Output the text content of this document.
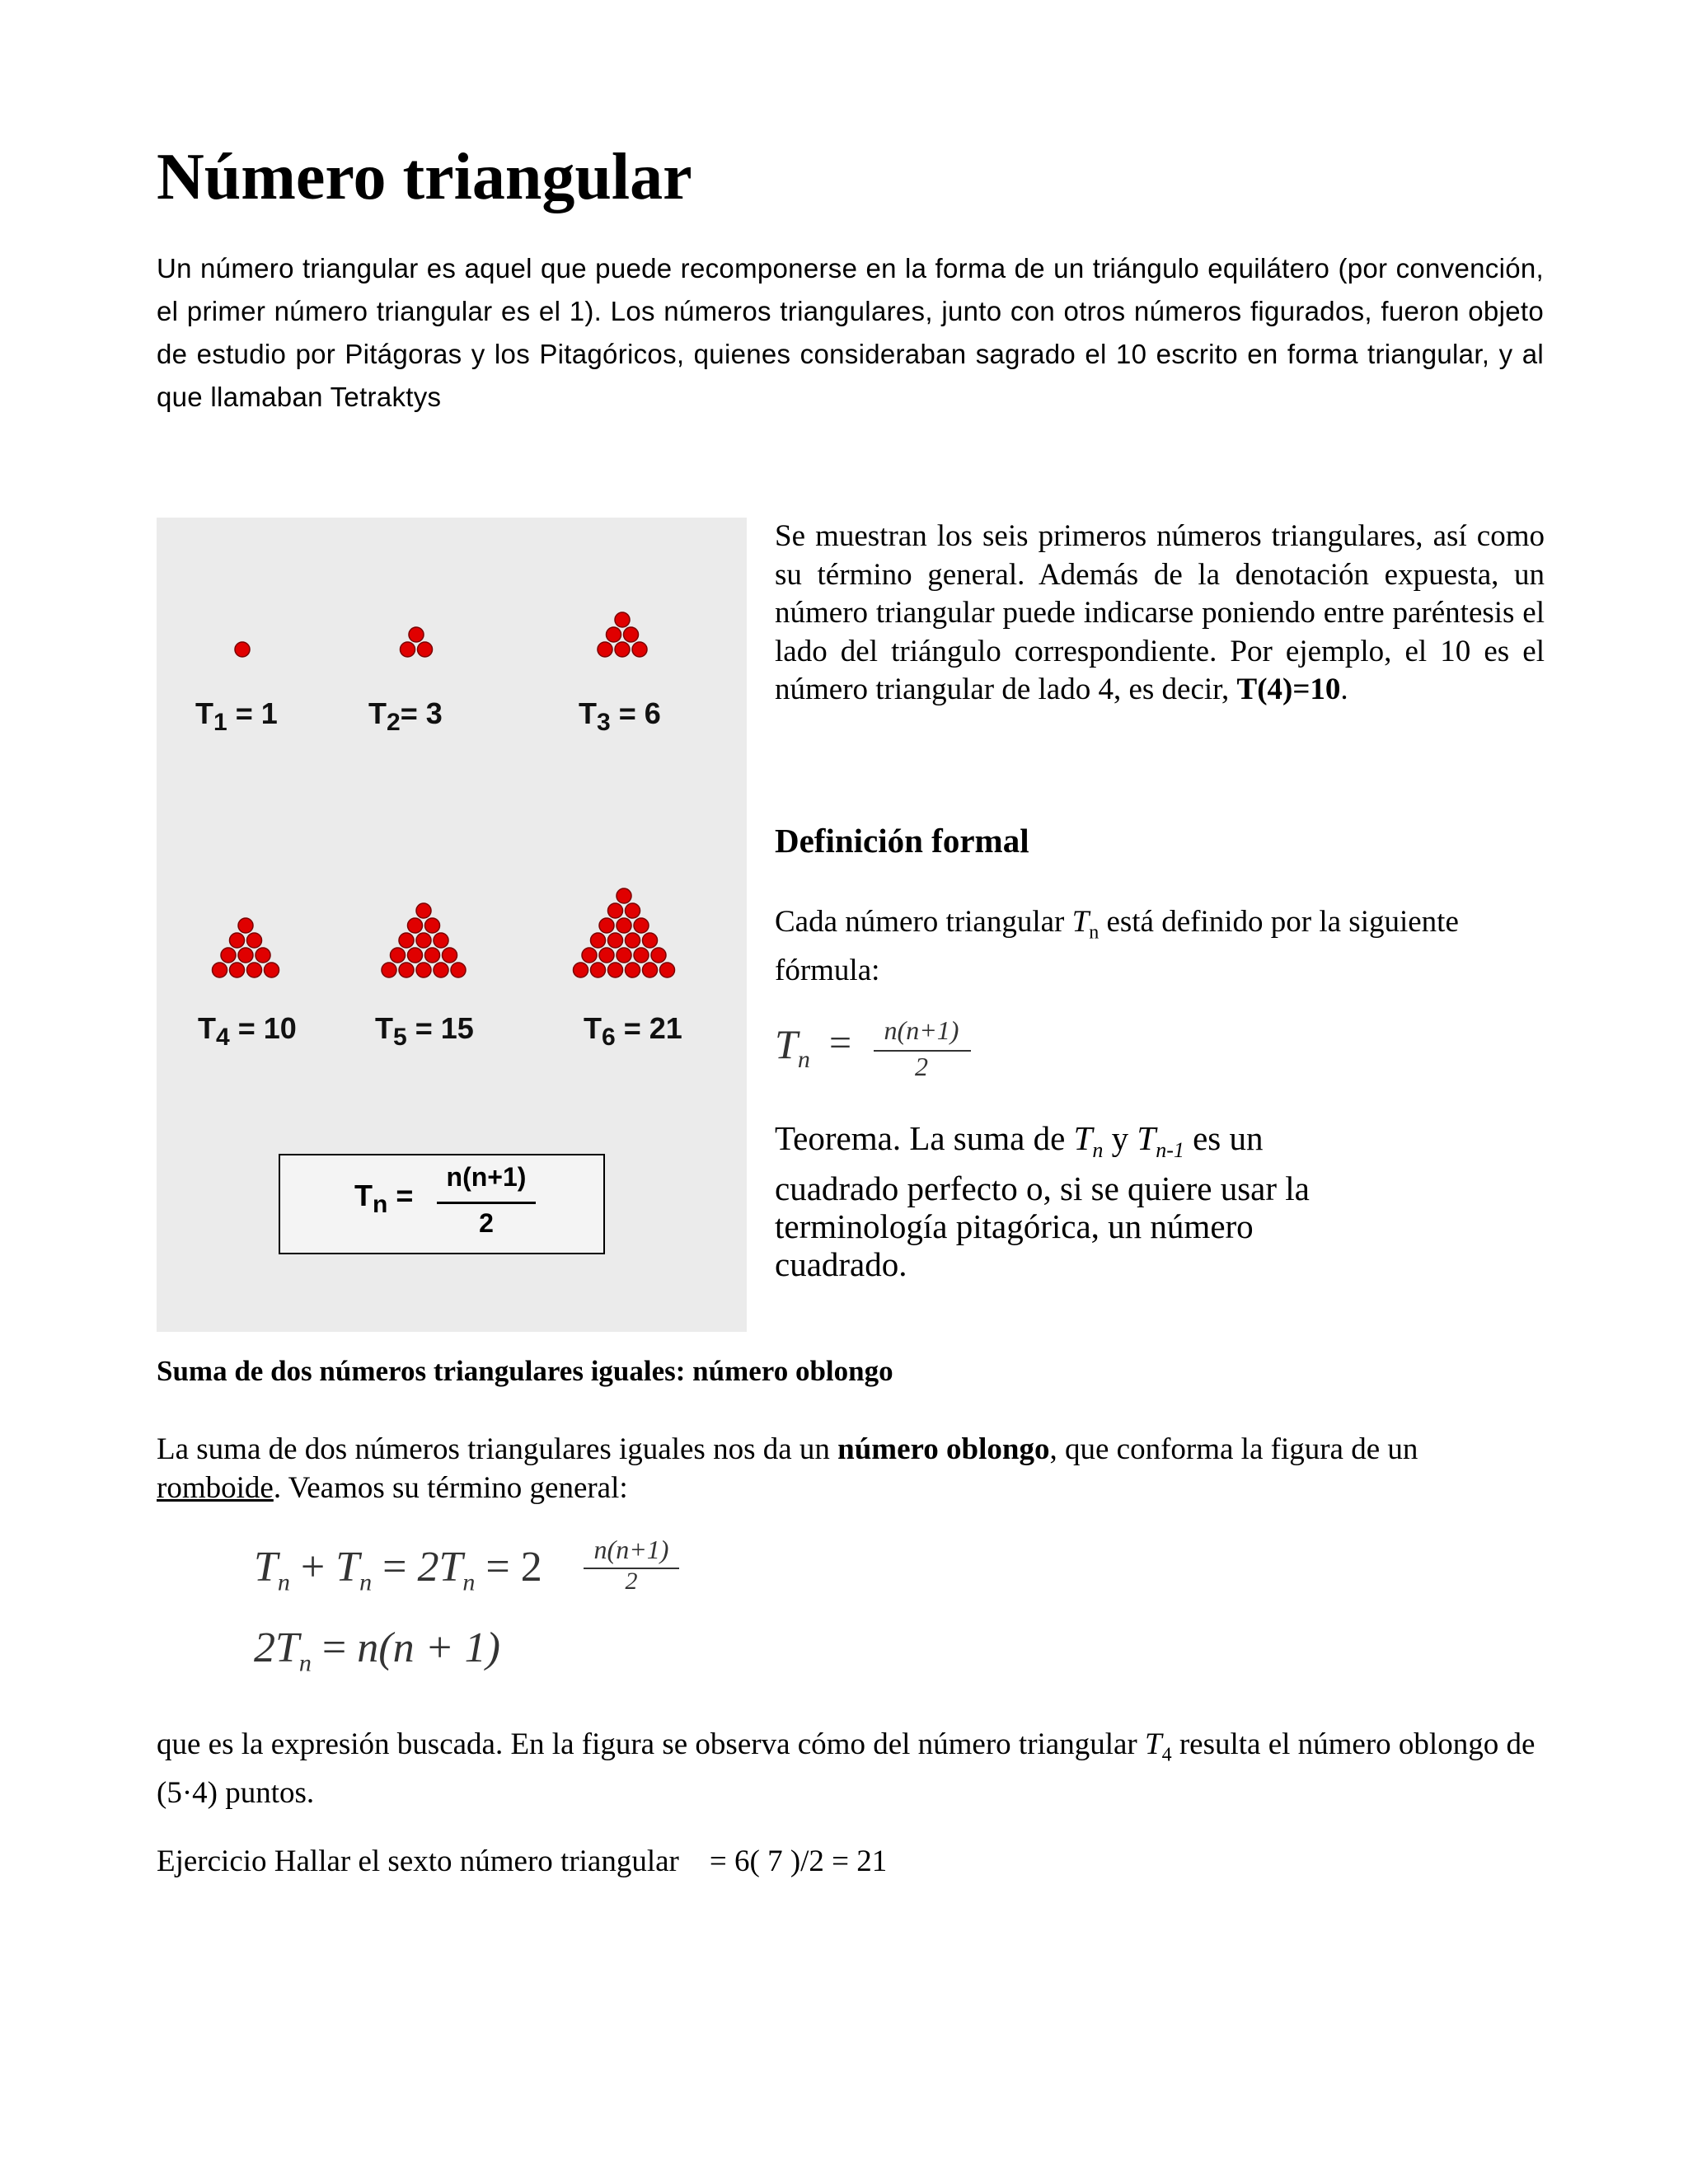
Número triangular
Un número triangular es aquel que puede recomponerse en la forma de un triángulo equilátero (por convención, el primer número triangular es el 1). Los números triangulares, junto con otros números figurados, fueron objeto de estudio por Pitágoras y los Pitagóricos, quienes consideraban sagrado el 10 escrito en forma triangular, y al que llamaban Tetraktys
$T_1 = 1$	$T_2= 3$	$T_3 = 6$
$T_4 = 10$	$T_5 = 15$	$T_6 = 21$
$T_n$ =
n(n+1)
2
Se muestran los seis primeros números triangulares, así como su término general. Además de la denotación expuesta, un número triangular puede indicarse poniendo entre paréntesis el lado del triángulo correspondiente. Por ejemplo, el 10 es el número triangular de lado 4, es decir, T(4)=10.
Definición formal
Cada número triangular $T_n$ está definido por la siguiente fórmula:
$T_n$ =	n(n+1)
2
Teorema. La suma de $T_n$ y $T_{n-1}$ es un cuadrado perfecto o, si se quiere usar la terminología pitagórica, un número cuadrado.
Suma de dos números triangulares iguales: número oblongo
La suma de dos números triangulares iguales nos da un número oblongo, que conforma la figura de un romboide. Veamos su término general:
$T_n + T_n = 2T_n = 2$	n(n+1)
2
$2T_n = n(n + 1)$
que es la expresión buscada. En la figura se observa cómo del número triangular $T_4$ resulta el número oblongo de (5·4) puntos.
Ejercicio Hallar el sexto número triangular    = 6( 7 )/2 = 21
